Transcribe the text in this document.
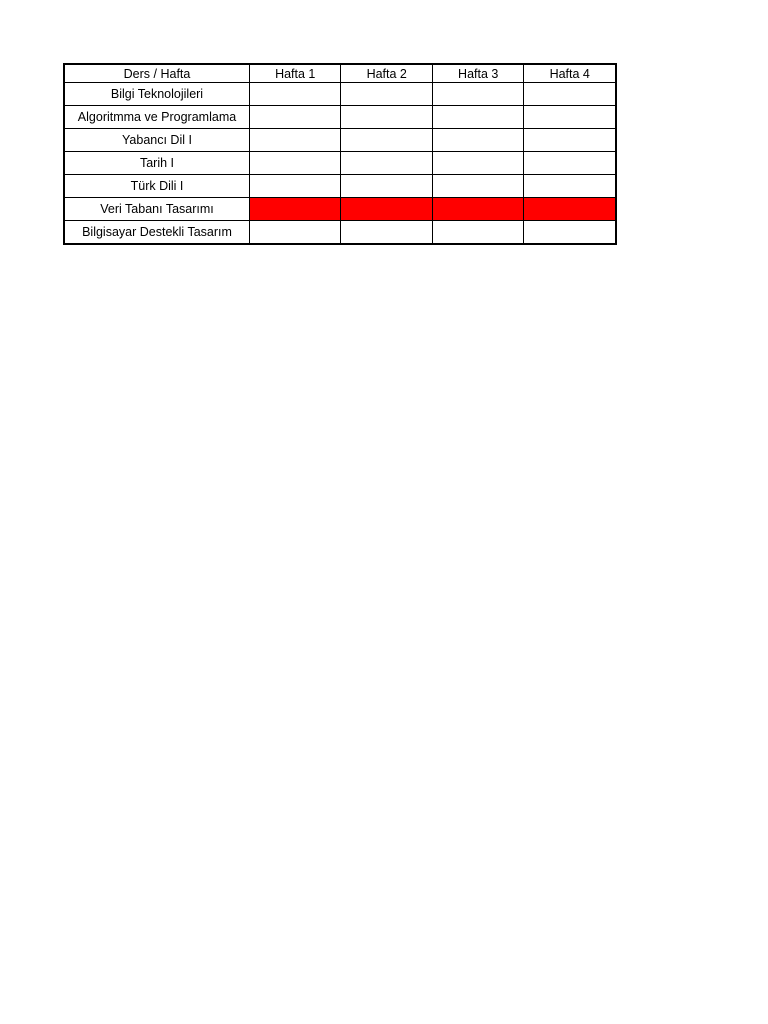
Ders / Hafta	Hafta 1	Hafta 2	Hafta 3	Hafta 4
Bilgi Teknolojileri				
Algoritmma ve Programlama				
Yabancı Dil I				
Tarih I				
Türk Dili I				
Veri Tabanı Tasarımı				
Bilgisayar Destekli Tasarım				
